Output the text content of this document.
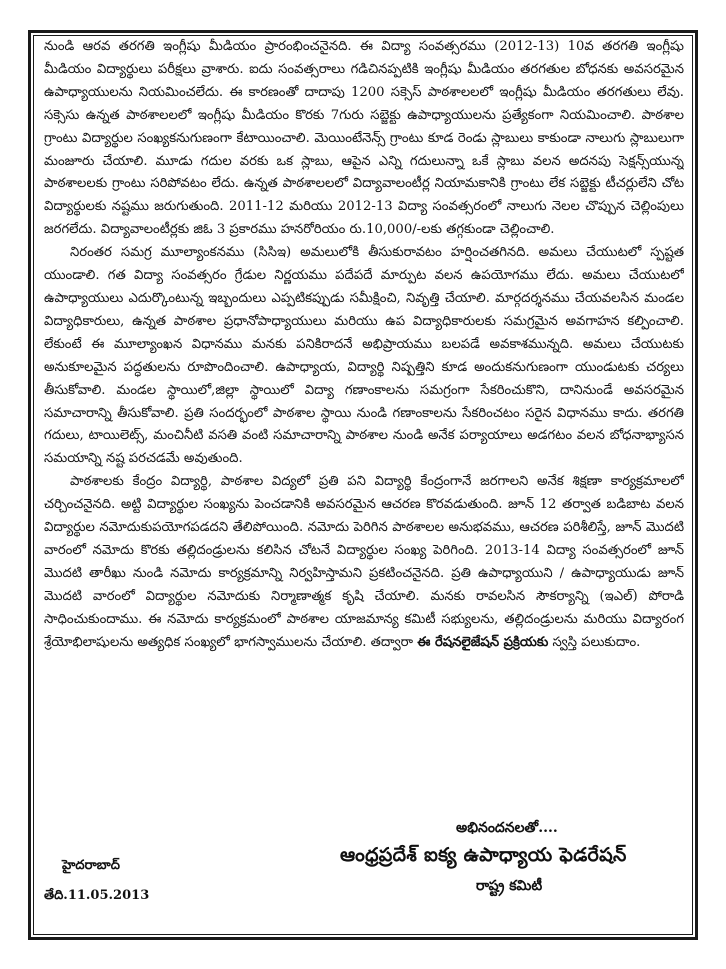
నుండి ఆరవ తరగతి ఇంగ్లీషు మీడియం ప్రారంభించనైనది. ఈ విద్యా సంవత్సరము (2012-13) 10వ తరగతి ఇంగ్లీషు మీడియం విద్యార్థులు పరీక్షలు వ్రాశారు. ఐదు సంవత్సరాలు గడిచినప్పటికి ఇంగ్లీషు మీడియం తరగతుల బోధనకు అవసరమైన ఉపాధ్యాయులను నియమించలేదు. ఈ కారణంతో దాదాపు 1200 సక్సెస్ పాఠశాలలలో ఇంగ్లీషు మీడియం తరగతులు లేవు. సక్సెసు ఉన్నత పాఠశాలలలో ఇంగ్లీషు మీడియం కొరకు 7గురు సబ్జెక్టు ఉపాధ్యాయులను ప్రత్యేకంగా నియమించాలి. పాఠశాల గ్రాంటు విద్యార్థుల సంఖ్యకనుగుణంగా కేటాయించాలి. మెయింటేనెన్స్ గ్రాంటు కూడ రెండు స్లాబులు కాకుండా నాలుగు స్లాబులుగా మంజూరు చేయాలి. మూడు గదుల వరకు ఒక స్లాబు, ఆపైన ఎన్ని గదులున్నా ఒకే స్లాబు వలన అదనపు సెక్షన్స్‌యున్న పాఠశాలలకు గ్రాంటు సరిపోవటం లేదు. ఉన్నత పాఠశాలలలో విద్యావాలంటీర్ల నియామకానికి గ్రాంటు లేక సబ్జెక్టు టీచర్లులేని చోట విద్యార్థులకు నష్టము జరుగుతుంది. 2011-12 మరియు 2012-13 విద్యా సంవత్సరంలో నాలుగు నెలల చొప్పున చెల్లింపులు జరగలేదు. విద్యావాలంటీర్లకు జిఓ 3 ప్రకారము హనరోరియం రు.10,000/-లకు తగ్గకుండా చెల్లించాలి.

నిరంతర సమగ్ర మూల్యాంకనము (సిసిఇ) అమలులోకి తీసుకురావటం హర్షించతగినది. అమలు చేయుటలో స్పష్టత యుండాలి. గత విద్యా సంవత్సరం గ్రేడుల నిర్ణయము పదేపదే మార్పుట వలన ఉపయోగము లేదు. అమలు చేయుటలో ఉపాధ్యాయులు ఎదుర్కొంటున్న ఇబ్బందులు ఎప్పటికప్పుడు సమీక్షించి, నివృత్తి చేయాలి. మార్గదర్శనము చేయవలసిన మండల విద్యాధికారులు, ఉన్నత పాఠశాల ప్రధానోపాధ్యాయులు మరియు ఉప విద్యాధికారులకు సమగ్రమైన అవగాహన కల్పించాలి. లేకుంటే ఈ మూల్యాంఖన విధానము మనకు పనికిరాదనే అభిప్రాయము బలపడే అవకాశమున్నది. అమలు చేయుటకు అనుకూలమైన పద్ధతులను రూపొందించాలి. ఉపాధ్యాయ, విద్యార్థి నిష్పత్తిని కూడ అందుకనుగుణంగా యుండుటకు చర్యలు తీసుకోవాలి. మండల స్థాయిలో,జిల్లా స్థాయిలో విద్యా గణాంకాలను సమగ్రంగా సేకరించుకొని, దానినుండే అవసరమైన సమాచారాన్ని తీసుకోవాలి. ప్రతి సందర్భంలో పాఠశాల స్థాయి నుండి గణాంకాలను సేకరించటం సరైన విధానము కాదు. తరగతి గదులు, టాయిలెట్స్, మంచినీటి వసతి వంటి సమాచారాన్ని పాఠశాల నుండి అనేక పర్యాయాలు అడగటం వలన బోధనాభ్యాసన సమయాన్ని నష్ట పరచడమే అవుతుంది.

పాఠశాలకు కేంద్రం విద్యార్థి, పాఠశాల విద్యలో ప్రతి పని విద్యార్థి కేంద్రంగానే జరగాలని అనేక శిక్షణా కార్యక్రమాలలో చర్చించనైనది. అట్టి విద్యార్థుల సంఖ్యను పెంచడానికి అవసరమైన ఆచరణ కొరవడుతుంది. జూన్ 12 తర్వాత బడిబాట వలన విద్యార్థుల నమోదుకుపయోగపడదని తేలిపోయింది. నమోదు పెరిగిన పాఠశాలల అనుభవము, ఆచరణ పరిశీలిస్తే, జూన్ మొదటి వారంలో నమోదు కొరకు తల్లిదండ్రులను కలిసిన చోటనే విద్యార్థుల సంఖ్య పెరిగింది. 2013-14 విద్యా సంవత్సరంలో జూన్ మొదటి తారీఖు నుండి నమోదు కార్యక్రమాన్ని నిర్వహిస్తామని ప్రకటించనైనది. ప్రతి ఉపాధ్యాయుని / ఉపాధ్యాయుడు జూన్ మొదటి వారంలో విద్యార్థుల నమోదుకు నిర్మాణాత్మక కృషి చేయాలి. మనకు రావలసిన సౌకర్యాన్ని (ఇఎల్) పోరాడి సాధించుకుందాము. ఈ నమోదు కార్యక్రమంలో పాఠశాల యాజమాన్య కమిటీ సభ్యులను, తల్లిదండ్రులను మరియు విద్యారంగ శ్రేయోభిలాషులను అత్యధిక సంఖ్యలో భాగస్వాములను చేయాలి. తద్వారా ఈ రేషనలైజేషన్ ప్రక్రియకు స్వస్తి పలుకుదాం.

అభినందనలతో....
ఆంధ్రప్రదేశ్ ఐక్య ఉపాధ్యాయ ఫెడరేషన్
రాష్ట్ర కమిటీ
హైదరాబాద్
తేది.11.05.2013
